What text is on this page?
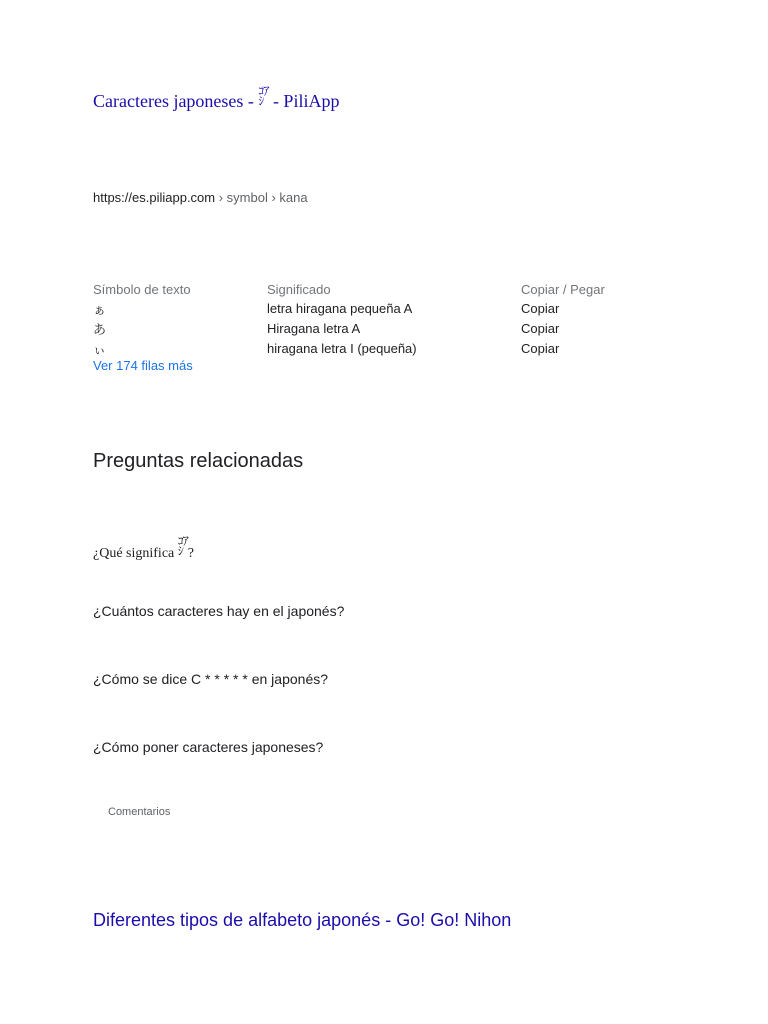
Caracteres japoneses - ｺｱ
ｼ - PiliApp
https://es.piliapp.com › symbol › kana
Símbolo de texto	Significado	Copiar / Pegar
ぁ	letra hiragana pequeña A	Copiar
あ	Hiragana letra A	Copiar
ぃ	hiragana letra I (pequeña)	Copiar
Ver 174 filas más
Preguntas relacionadas
¿Qué significa
ｺｱ
ｼ ?
¿Cuántos caracteres hay en el japonés?
¿Cómo se dice C * * * * * en japonés?
¿Cómo poner caracteres japoneses?
Comentarios
Diferentes tipos de alfabeto japonés - Go! Go! Nihon
